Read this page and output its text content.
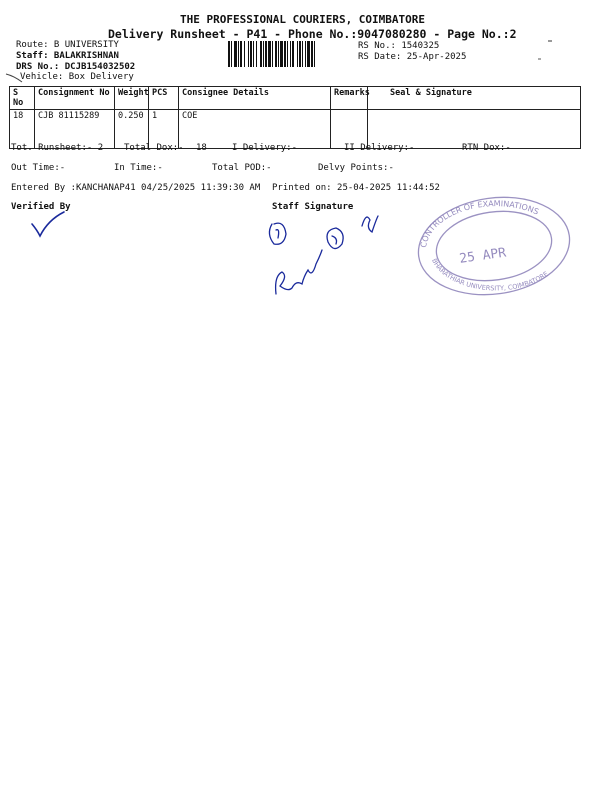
THE PROFESSIONAL COURIERS, COIMBATORE
Delivery Runsheet - P41 - Phone No.:9047080280 - Page No.:2
Route: B UNIVERSITY
Staff: BALAKRISHNAN
DRS No.: DCJB154032502
Vehicle: Box Delivery
RS No.: 1540325
RS Date: 25-Apr-2025
S No	Consignment No	Weight	PCS	Consignee Details	Remarks	Seal & Signature
18	CJB 81115289	0.250	1	COE		
Tot. Runsheet:- 2 Total Dox:- 18	I Delivery:-	II Delivery:-	RTN Dox:-
Out Time:-	In Time:-	Total POD:-	Delvy Points:-
Entered By :KANCHANAP41 04/25/2025 11:39:30 AM Printed on: 25-04-2025 11:44:52
Verified By	Staff Signature
CONTROLLER OF EXAMINATIONS
BHARATHIAR UNIVERSITY, COIMBATORE
25 APR
